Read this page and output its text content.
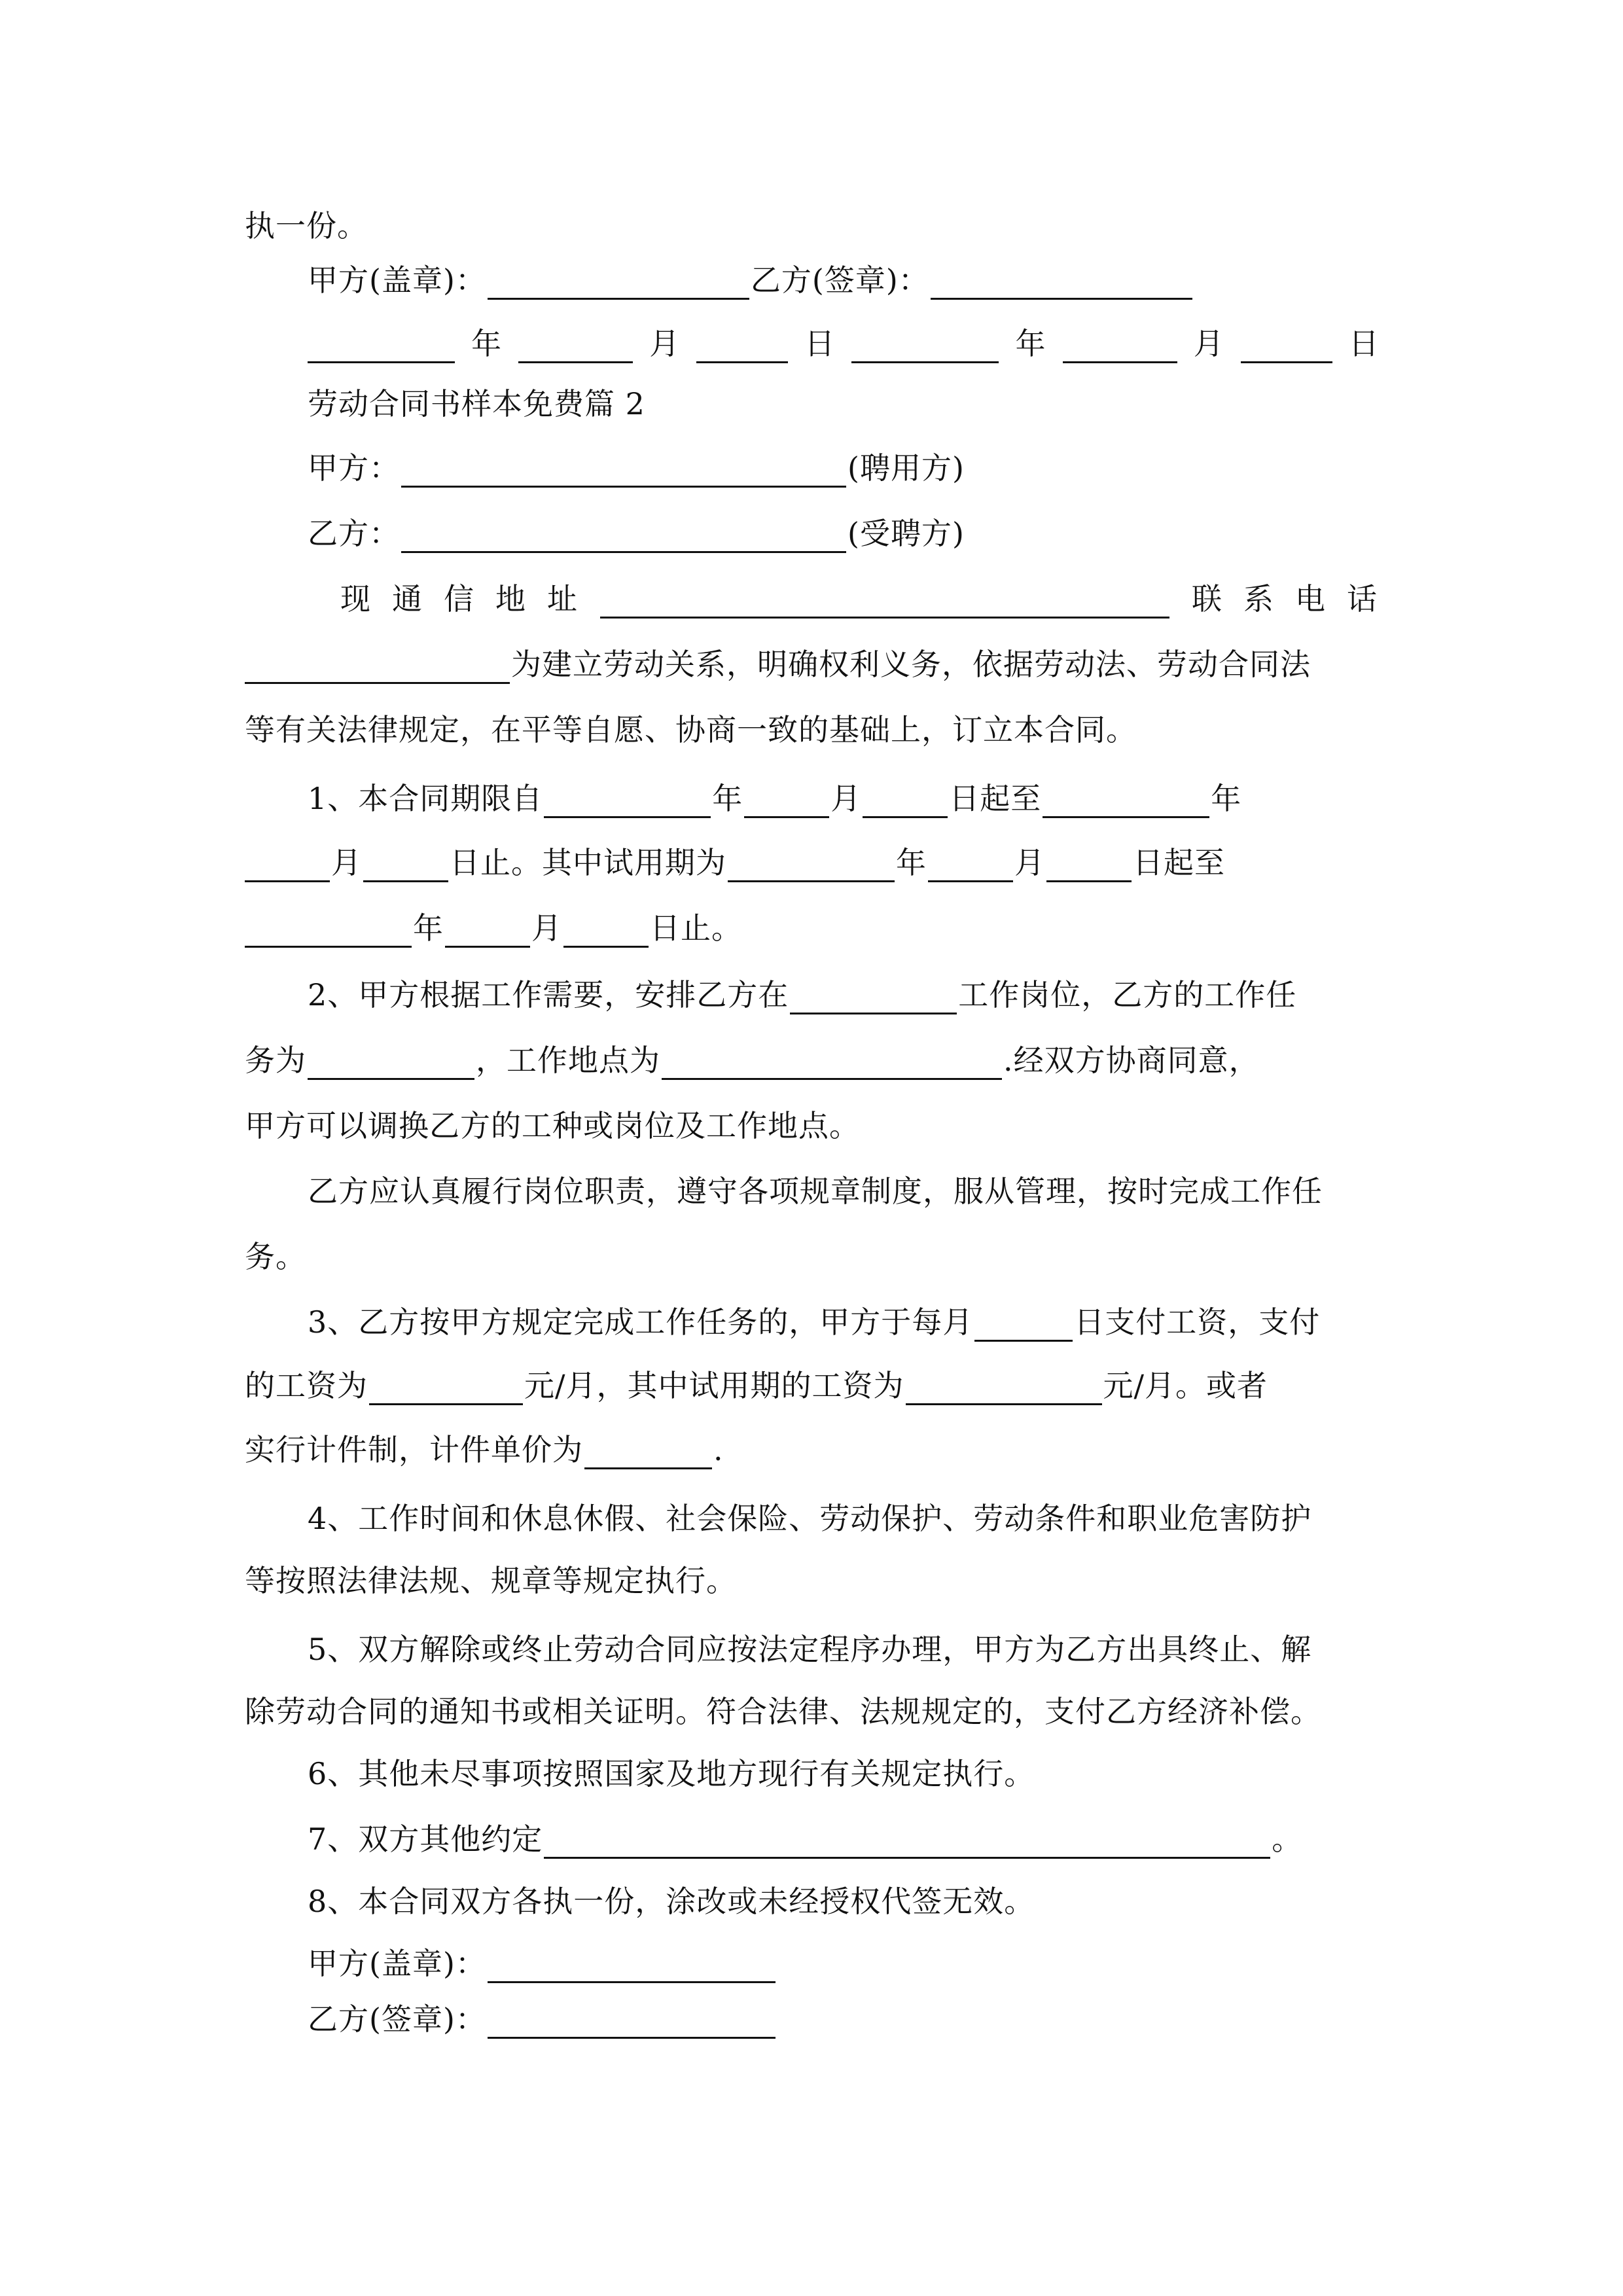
执一份。
甲方(盖章)：	乙方(签章)：
年	月	日	年	月	日
劳动合同书样本免费篇 2
甲方：	(聘用方)
乙方：	(受聘方)
现 通 信 地 址	联 系 电 话
为建立劳动关系，明确权利义务，依据劳动法、劳动合同法
等有关法律规定，在平等自愿、协商一致的基础上，订立本合同。
1、本合同期限自	年	月	日起至	年
月	日止。其中试用期为	年	月	日起至
年	月	日止。
2、甲方根据工作需要，安排乙方在	工作岗位，乙方的工作任
务为	，工作地点为	.经双方协商同意，
甲方可以调换乙方的工种或岗位及工作地点。
乙方应认真履行岗位职责，遵守各项规章制度，服从管理，按时完成工作任
务。
3、乙方按甲方规定完成工作任务的，甲方于每月	日支付工资，支付
的工资为	元/月，其中试用期的工资为	元/月。或者
实行计件制，计件单价为	.
4、工作时间和休息休假、社会保险、劳动保护、劳动条件和职业危害防护
等按照法律法规、规章等规定执行。
5、双方解除或终止劳动合同应按法定程序办理，甲方为乙方出具终止、解
除劳动合同的通知书或相关证明。符合法律、法规规定的，支付乙方经济补偿。
6、其他未尽事项按照国家及地方现行有关规定执行。
7、双方其他约定	。
8、本合同双方各执一份，涂改或未经授权代签无效。
甲方(盖章)：
乙方(签章)：
